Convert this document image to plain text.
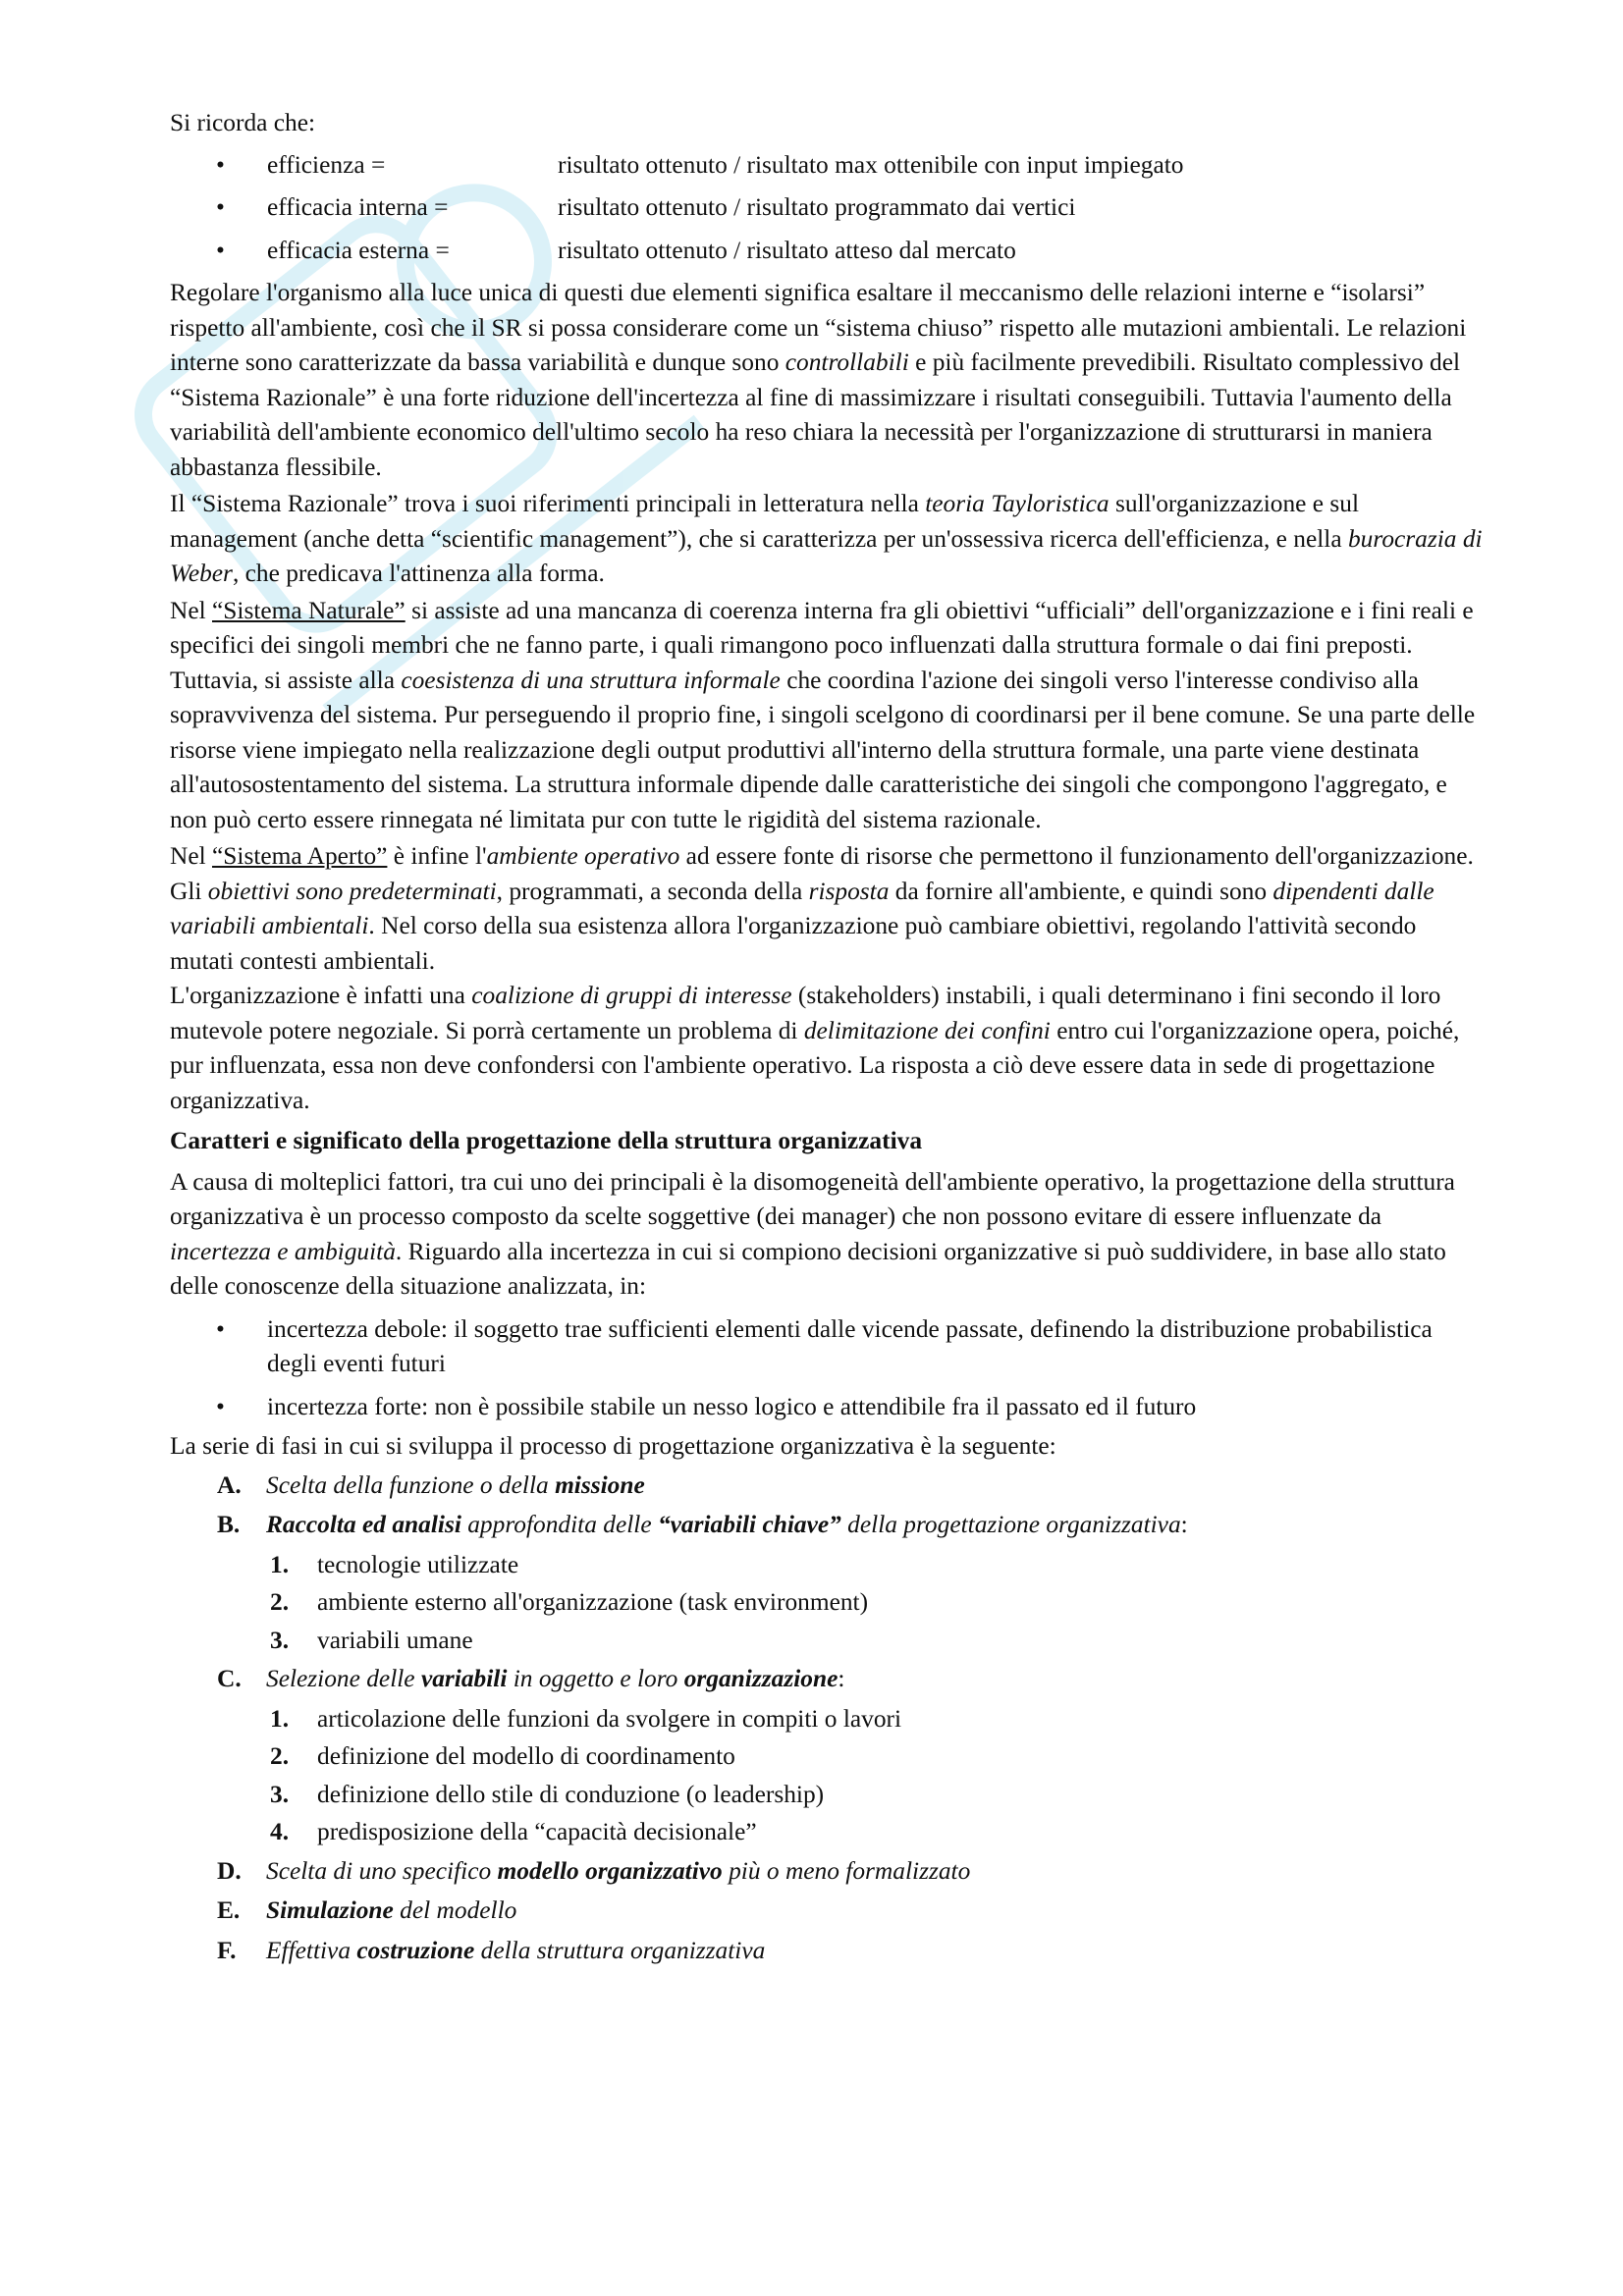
Si ricorda che:

•	efficienza =	risultato ottenuto / risultato max ottenibile con input impiegato
•	efficacia interna =	risultato ottenuto / risultato programmato dai vertici
•	efficacia esterna =	risultato ottenuto / risultato atteso dal mercato

Regolare l'organismo alla luce unica di questi due elementi significa esaltare il meccanismo delle relazioni interne e “isolarsi” rispetto all'ambiente, così che il SR si possa considerare come un “sistema chiuso” rispetto alle mutazioni ambientali. Le relazioni interne sono caratterizzate da bassa variabilità e dunque sono controllabili e più facilmente prevedibili. Risultato complessivo del “Sistema Razionale” è una forte riduzione dell'incertezza al fine di massimizzare i risultati conseguibili. Tuttavia l'aumento della variabilità dell'ambiente economico dell'ultimo secolo ha reso chiara la necessità per l'organizzazione di strutturarsi in maniera abbastanza flessibile.

Il “Sistema Razionale” trova i suoi riferimenti principali in letteratura nella teoria Tayloristica sull'organizzazione e sul management (anche detta “scientific management”), che si caratterizza per un'ossessiva ricerca dell'efficienza, e nella burocrazia di Weber, che predicava l'attinenza alla forma.

Nel “Sistema Naturale” si assiste ad una mancanza di coerenza interna fra gli obiettivi “ufficiali” dell'organizzazione e i fini reali e specifici dei singoli membri che ne fanno parte, i quali rimangono poco influenzati dalla struttura formale o dai fini preposti. Tuttavia, si assiste alla coesistenza di una struttura informale che coordina l'azione dei singoli verso l'interesse condiviso alla sopravvivenza del sistema. Pur perseguendo il proprio fine, i singoli scelgono di coordinarsi per il bene comune. Se una parte delle risorse viene impiegato nella realizzazione degli output produttivi all'interno della struttura formale, una parte viene destinata all'autosostentamento del sistema. La struttura informale dipende dalle caratteristiche dei singoli che compongono l'aggregato, e non può certo essere rinnegata né limitata pur con tutte le rigidità del sistema razionale.

Nel “Sistema Aperto” è infine l'ambiente operativo ad essere fonte di risorse che permettono il funzionamento dell'organizzazione. Gli obiettivi sono predeterminati, programmati, a seconda della risposta da fornire all'ambiente, e quindi sono dipendenti dalle variabili ambientali. Nel corso della sua esistenza allora l'organizzazione può cambiare obiettivi, regolando l'attività secondo mutati contesti ambientali.
L'organizzazione è infatti una coalizione di gruppi di interesse (stakeholders) instabili, i quali determinano i fini secondo il loro mutevole potere negoziale. Si porrà certamente un problema di delimitazione dei confini entro cui l'organizzazione opera, poiché, pur influenzata, essa non deve confondersi con l'ambiente operativo. La risposta a ciò deve essere data in sede di progettazione organizzativa.

Caratteri e significato della progettazione della struttura organizzativa

A causa di molteplici fattori, tra cui uno dei principali è la disomogeneità dell'ambiente operativo, la progettazione della struttura organizzativa è un processo composto da scelte soggettive (dei manager) che non possono evitare di essere influenzate da incertezza e ambiguità. Riguardo alla incertezza in cui si compiono decisioni organizzative si può suddividere, in base allo stato delle conoscenze della situazione analizzata, in:

•	incertezza debole: il soggetto trae sufficienti elementi dalle vicende passate, definendo la distribuzione probabilistica degli eventi futuri
•	incertezza forte: non è possibile stabile un nesso logico e attendibile fra il passato ed il futuro

La serie di fasi in cui si sviluppa il processo di progettazione organizzativa è la seguente:

A. Scelta della funzione o della missione
B.	Raccolta ed analisi approfondita delle “variabili chiave” della progettazione organizzativa:
1.	tecnologie utilizzate
2.	ambiente esterno all'organizzazione (task environment)
3.	variabili umane
C. Selezione delle variabili in oggetto e loro organizzazione:
1.	articolazione delle funzioni da svolgere in compiti o lavori
2.	definizione del modello di coordinamento
3.	definizione dello stile di conduzione (o leadership)
4.	predisposizione della “capacità decisionale”
D. Scelta di uno specifico modello organizzativo più o meno formalizzato
E.	Simulazione del modello
F.	Effettiva costruzione della struttura organizzativa
